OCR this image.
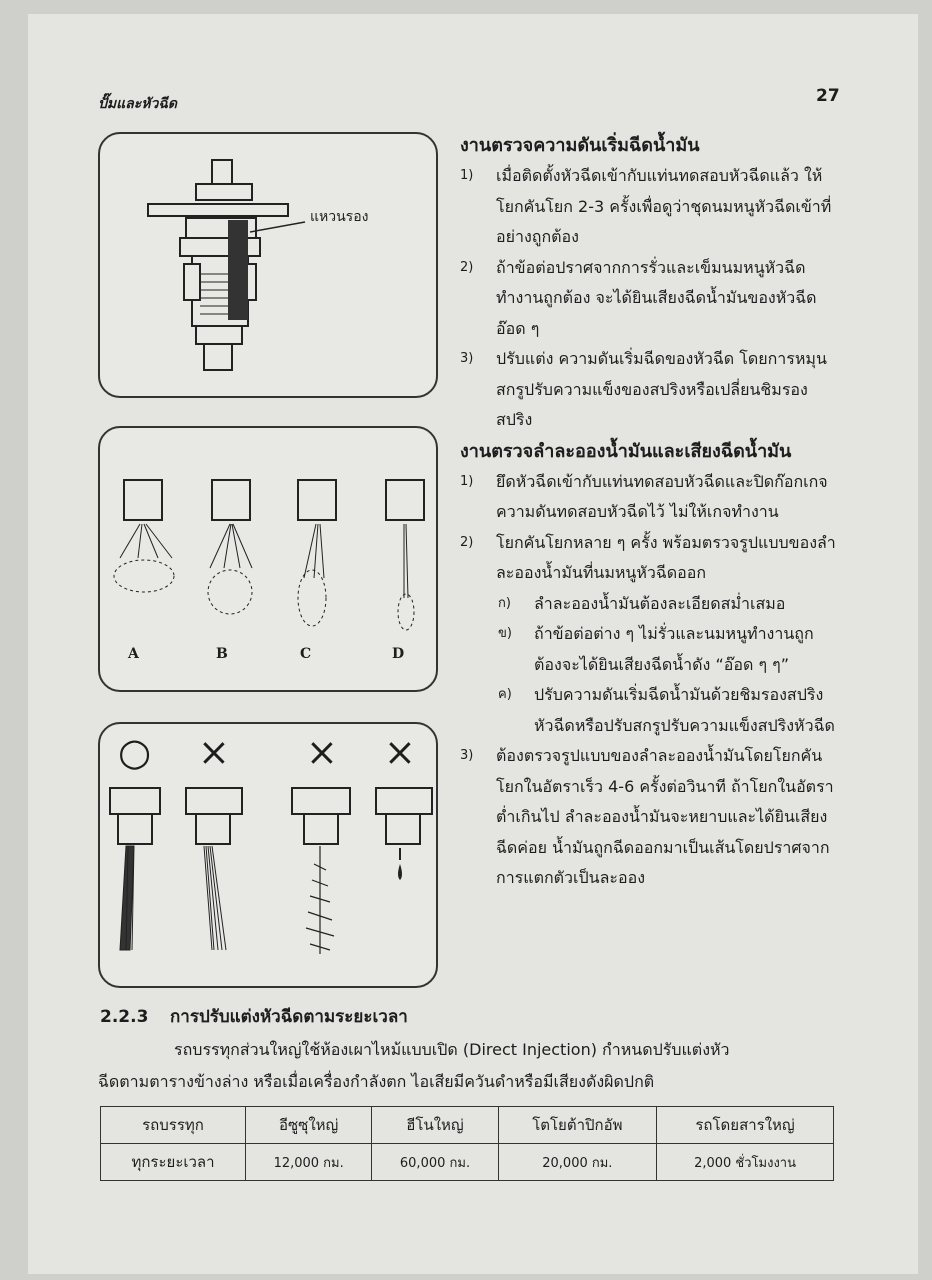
ปั๊มและหัวฉีด	27
แหวนรอง
A	B	C	D
○ × × ×
งานตรวจความดันเริ่มฉีดน้ำมัน
1) เมื่อติดตั้งหัวฉีดเข้ากับแท่นทดสอบหัวฉีดแล้ว ให้โยกคันโยก 2-3 ครั้งเพื่อดูว่าชุดนมหนูหัวฉีดเข้าที่อย่างถูกต้อง
2) ถ้าข้อต่อปราศจากการรั่วและเข็มนมหนูหัวฉีดทำงานถูกต้อง จะได้ยินเสียงฉีดน้ำมันของหัวฉีดอ๊อด ๆ
3) ปรับแต่ง ความดันเริ่มฉีดของหัวฉีด โดยการหมุนสกรูปรับความแข็งของสปริงหรือเปลี่ยนชิมรองสปริง
งานตรวจลำละอองน้ำมันและเสียงฉีดน้ำมัน
1) ยึดหัวฉีดเข้ากับแท่นทดสอบหัวฉีดและปิดก๊อกเกจความดันทดสอบหัวฉีดไว้ ไม่ให้เกจทำงาน
2) โยกคันโยกหลาย ๆ ครั้ง พร้อมตรวจรูปแบบของลำละอองน้ำมันที่นมหนูหัวฉีดออก
ก) ลำละอองน้ำมันต้องละเอียดสม่ำเสมอ
ข) ถ้าข้อต่อต่าง ๆ ไม่รั่วและนมหนูทำงานถูกต้องจะได้ยินเสียงฉีดน้ำดัง “อ๊อด ๆ ๆ”
ค) ปรับความดันเริ่มฉีดน้ำมันด้วยชิมรองสปริงหัวฉีดหรือปรับสกรูปรับความแข็งสปริงหัวฉีด
3) ต้องตรวจรูปแบบของลำละอองน้ำมันโดยโยกคันโยกในอัตราเร็ว 4-6 ครั้งต่อวินาที ถ้าโยกในอัตราต่ำเกินไป ลำละอองน้ำมันจะหยาบและได้ยินเสียงฉีดค่อย น้ำมันถูกฉีดออกมาเป็นเส้นโดยปราศจากการแตกตัวเป็นละออง
2.2.3 การปรับแต่งหัวฉีดตามระยะเวลา
รถบรรทุกส่วนใหญ่ใช้ห้องเผาไหม้แบบเปิด (Direct Injection) กำหนดปรับแต่งหัว
ฉีดตามตารางข้างล่าง หรือเมื่อเครื่องกำลังตก ไอเสียมีควันดำหรือมีเสียงดังผิดปกติ
รถบรรทุก	อีซูซุใหญ่	ฮีโนใหญ่	โตโยต้าปิกอัพ	รถโดยสารใหญ่
ทุกระยะเวลา	12,000 กม.	60,000 กม.	20,000 กม.	2,000 ชั่วโมงงาน
